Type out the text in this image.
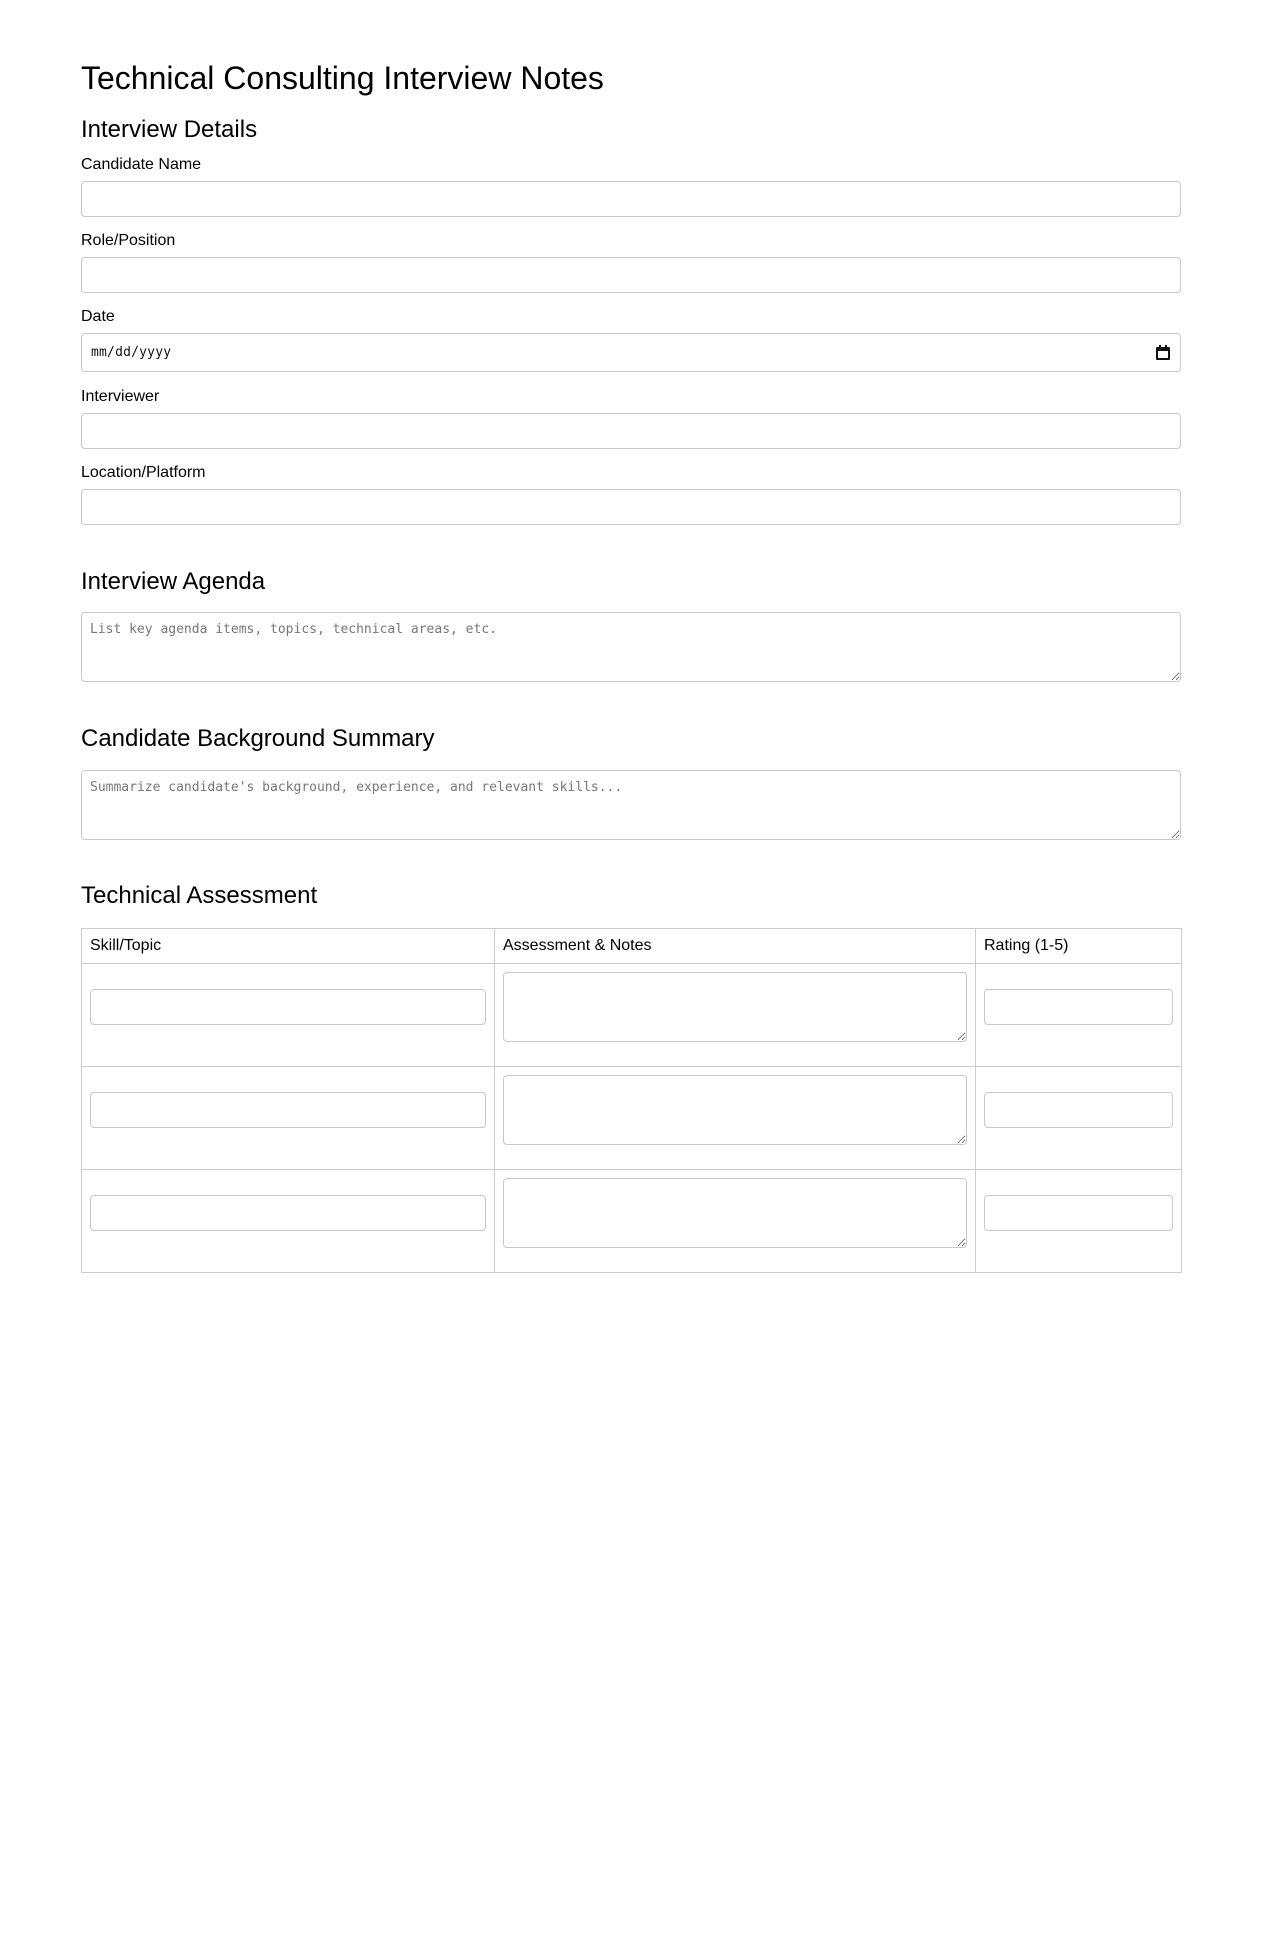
Technical Consulting Interview Notes
Interview Details
Candidate Name
Role/Position
Date
mm/dd/yyyy
Interviewer
Location/Platform
Interview Agenda
List key agenda items, topics, technical areas, etc.
Candidate Background Summary
Summarize candidate's background, experience, and relevant skills...
Technical Assessment
Skill/Topic	Assessment & Notes	Rating (1-5)
